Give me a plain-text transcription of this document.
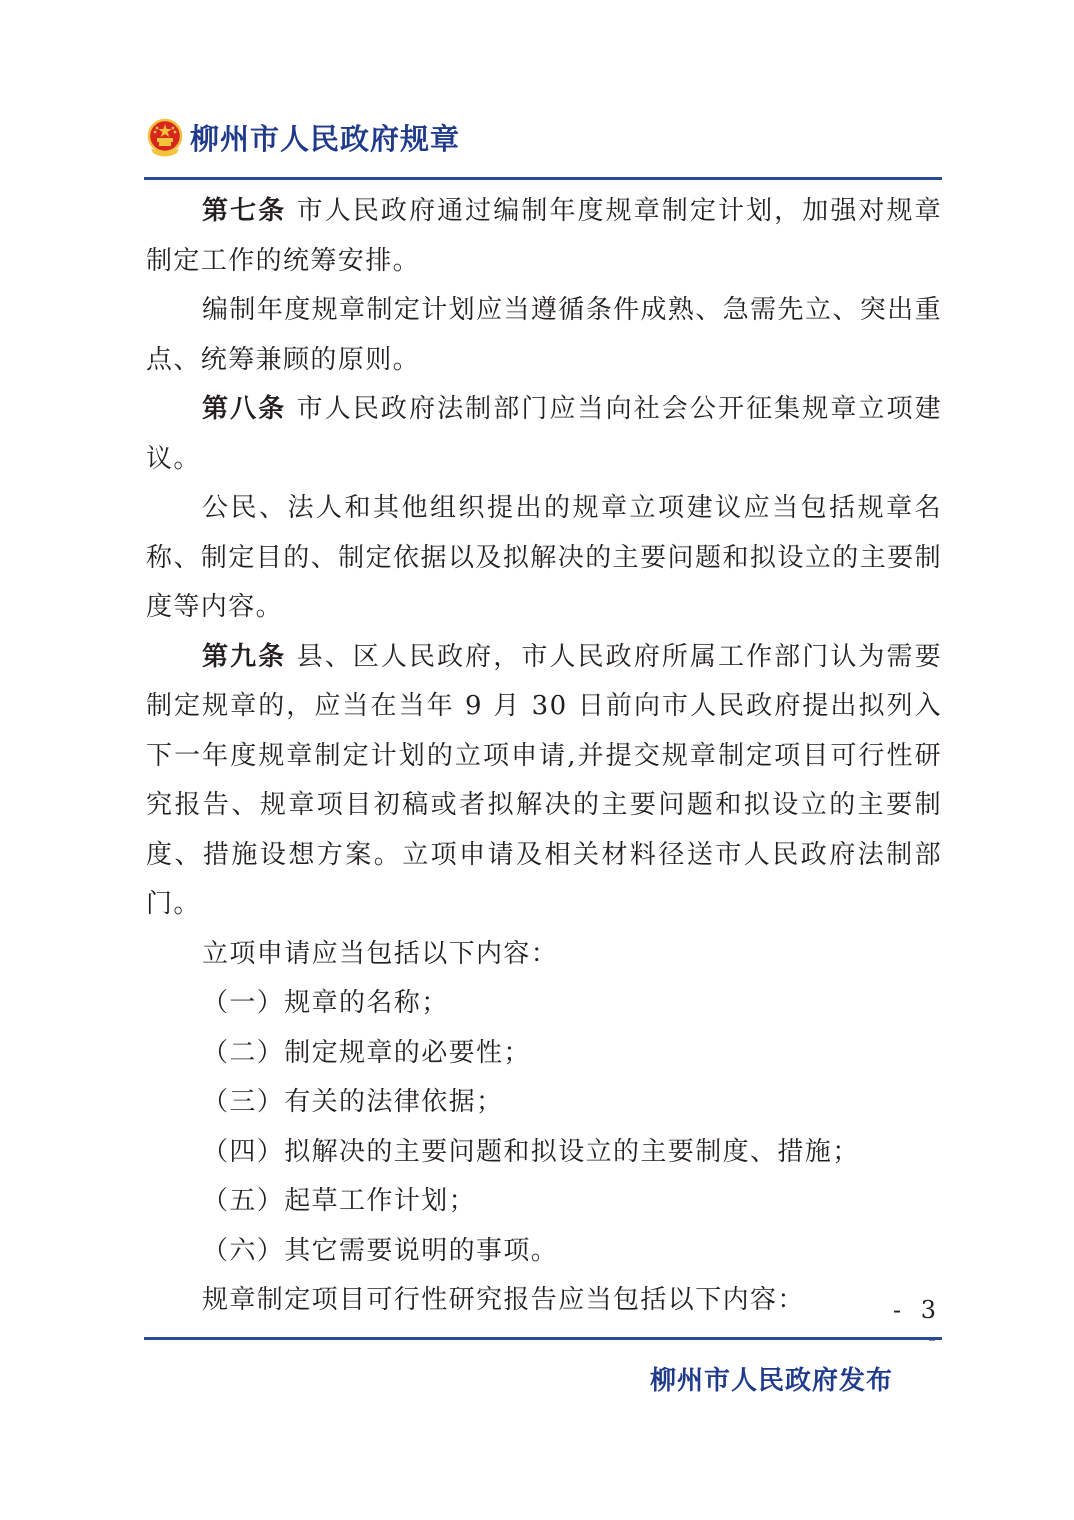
柳州市人民政府规章

第七条 市人民政府通过编制年度规章制定计划，加强对规章制定工作的统筹安排。

编制年度规章制定计划应当遵循条件成熟、急需先立、突出重点、统筹兼顾的原则。

第八条 市人民政府法制部门应当向社会公开征集规章立项建议。

公民、法人和其他组织提出的规章立项建议应当包括规章名称、制定目的、制定依据以及拟解决的主要问题和拟设立的主要制度等内容。

第九条 县、区人民政府，市人民政府所属工作部门认为需要制定规章的，应当在当年 9 月 30 日前向市人民政府提出拟列入下一年度规章制定计划的立项申请,并提交规章制定项目可行性研究报告、规章项目初稿或者拟解决的主要问题和拟设立的主要制度、措施设想方案。立项申请及相关材料径送市人民政府法制部门。

立项申请应当包括以下内容：

（一）规章的名称；

（二）制定规章的必要性；

（三）有关的法律依据；

（四）拟解决的主要问题和拟设立的主要制度、措施；

（五）起草工作计划；

（六）其它需要说明的事项。

规章制定项目可行性研究报告应当包括以下内容：	- 3
柳州市人民政府发布
